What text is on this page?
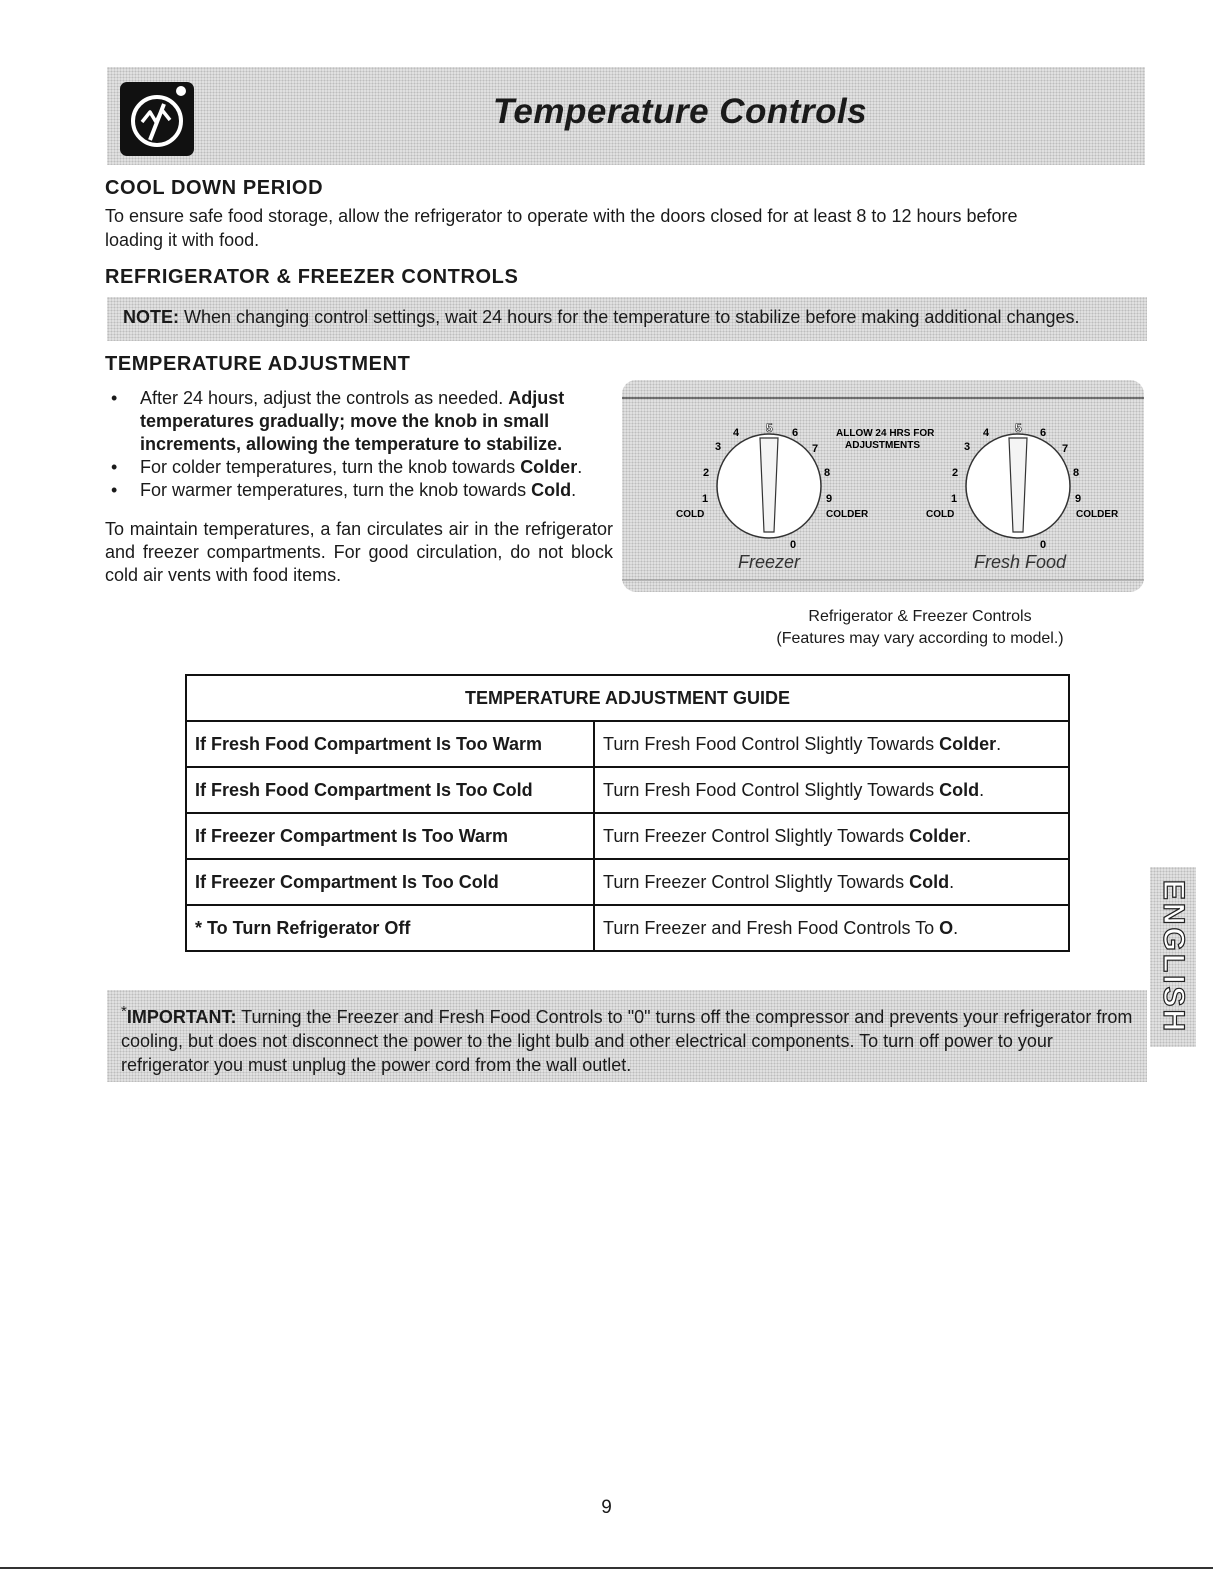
Temperature Controls
COOL DOWN PERIOD
To ensure safe food storage, allow the refrigerator to operate with the doors closed for at least 8 to 12 hours before
loading it with food.
REFRIGERATOR & FREEZER CONTROLS
NOTE: When changing control settings, wait 24 hours for the temperature to stabilize before making additional changes.
TEMPERATURE ADJUSTMENT
• After 24 hours, adjust the controls as needed. Adjust temperatures gradually; move the knob in small increments, allowing the temperature to stabilize.
• For colder temperatures, turn the knob towards Colder.
• For warmer temperatures, turn the knob towards Cold.
To maintain temperatures, a fan circulates air in the refrigerator and freezer compartments. For good circulation, do not block cold air vents with food items.
4 5 6
3	7
2	8
1	9
COLD	COLDER
0
Freezer
ALLOW 24 HRS FOR
ADJUSTMENTS
4 5 6
3	7
2	8
1	9
COLD	COLDER
0
Fresh Food
Refrigerator & Freezer Controls
(Features may vary according to model.)
TEMPERATURE ADJUSTMENT GUIDE	
If Fresh Food Compartment Is Too Warm	Turn Fresh Food Control Slightly Towards Colder.
If Fresh Food Compartment Is Too Cold	Turn Fresh Food Control Slightly Towards Cold.
If Freezer Compartment Is Too Warm	Turn Freezer Control Slightly Towards Colder.
If Freezer Compartment Is Too Cold	Turn Freezer Control Slightly Towards Cold.
* To Turn Refrigerator Off	Turn Freezer and Fresh Food Controls To O.
*IMPORTANT: Turning the Freezer and Fresh Food Controls to "0" turns off the compressor and prevents your refrigerator from cooling, but does not disconnect the power to the light bulb and other electrical components. To turn off power to your refrigerator you must unplug the power cord from the wall outlet.
ENGLISH
9
